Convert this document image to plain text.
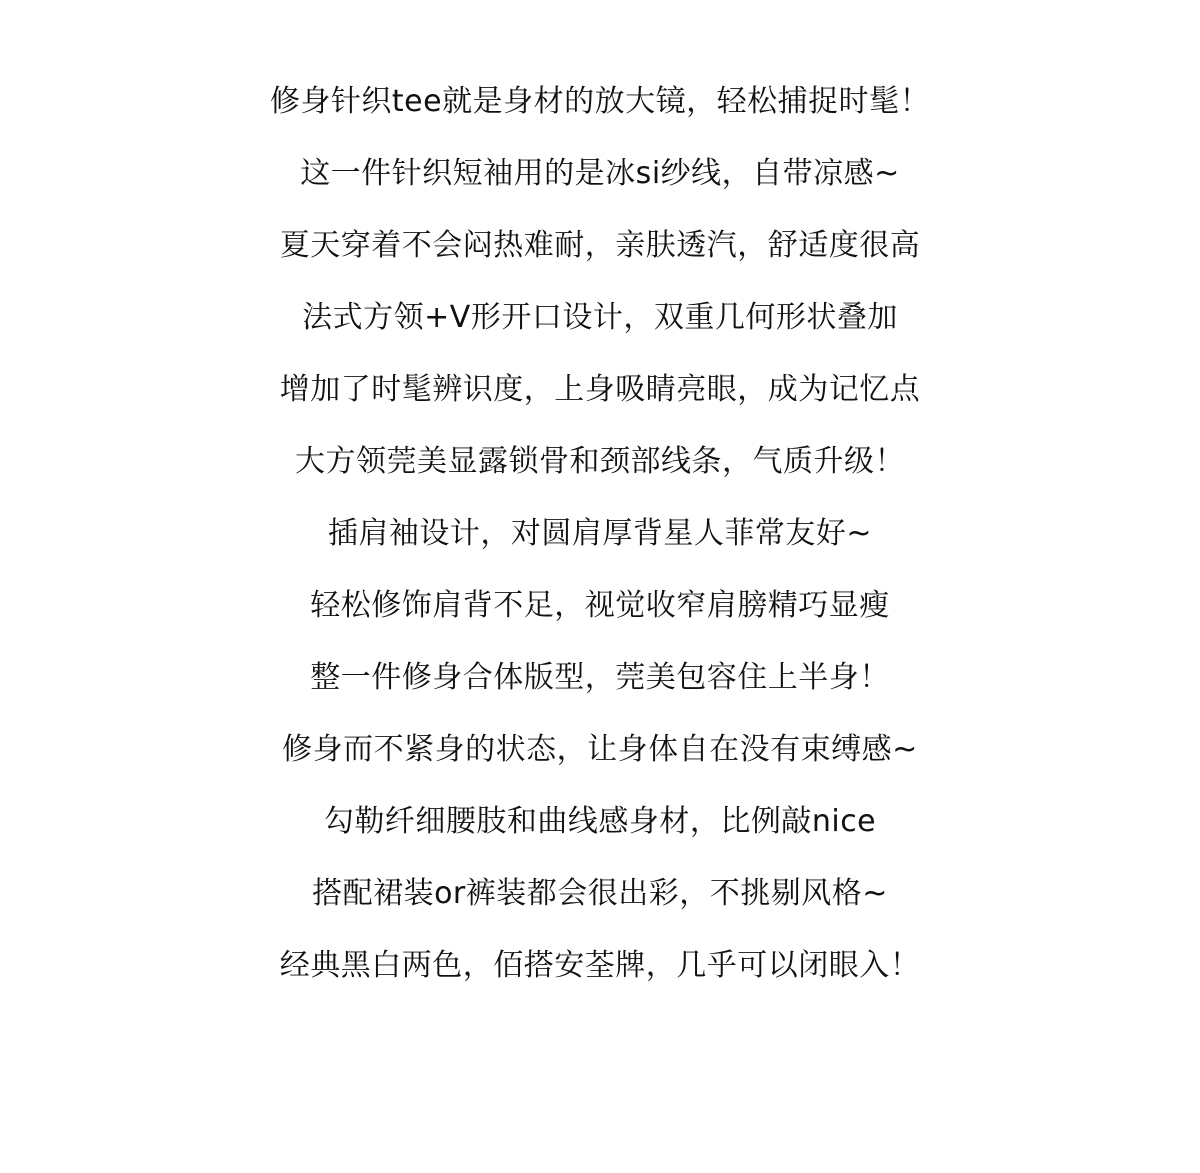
修身针织tee就是身材的放大镜，轻松捕捉时髦！
这一件针织短袖用的是冰si纱线，自带凉感~
夏天穿着不会闷热难耐，亲肤透汽，舒适度很高
法式方领+V形开口设计，双重几何形状叠加
增加了时髦辨识度，上身吸睛亮眼，成为记忆点
大方领莞美显露锁骨和颈部线条，气质升级！
插肩袖设计，对圆肩厚背星人菲常友好~
轻松修饰肩背不足，视觉收窄肩膀精巧显瘦
整一件修身合体版型，莞美包容住上半身！
修身而不紧身的状态，让身体自在没有束缚感~
勾勒纤细腰肢和曲线感身材，比例敲nice
搭配裙装or裤装都会很出彩，不挑剔风格~
经典黑白两色，佰搭安荃牌，几乎可以闭眼入！
